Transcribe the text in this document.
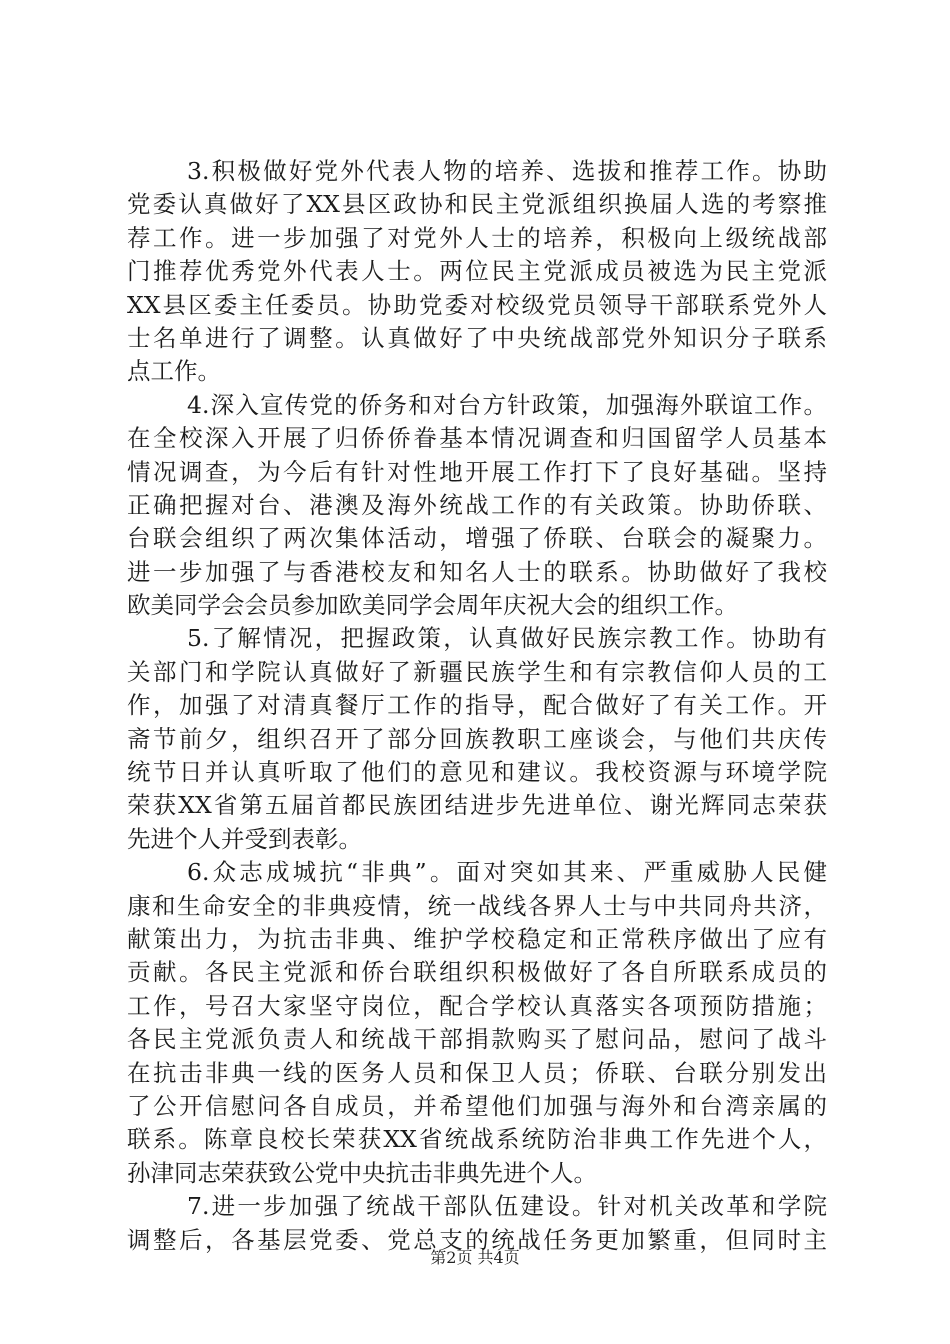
3.积极做好党外代表人物的培养、选拔和推荐工作。协助
党委认真做好了XX县区政协和民主党派组织换届人选的考察推
荐工作。进一步加强了对党外人士的培养，积极向上级统战部
门推荐优秀党外代表人士。两位民主党派成员被选为民主党派
XX县区委主任委员。协助党委对校级党员领导干部联系党外人
士名单进行了调整。认真做好了中央统战部党外知识分子联系
点工作。
4.深入宣传党的侨务和对台方针政策，加强海外联谊工作。
在全校深入开展了归侨侨眷基本情况调查和归国留学人员基本
情况调查，为今后有针对性地开展工作打下了良好基础。坚持
正确把握对台、港澳及海外统战工作的有关政策。协助侨联、
台联会组织了两次集体活动，增强了侨联、台联会的凝聚力。
进一步加强了与香港校友和知名人士的联系。协助做好了我校
欧美同学会会员参加欧美同学会周年庆祝大会的组织工作。
5.了解情况，把握政策，认真做好民族宗教工作。协助有
关部门和学院认真做好了新疆民族学生和有宗教信仰人员的工
作，加强了对清真餐厅工作的指导，配合做好了有关工作。开
斋节前夕，组织召开了部分回族教职工座谈会，与他们共庆传
统节日并认真听取了他们的意见和建议。我校资源与环境学院
荣获XX省第五届首都民族团结进步先进单位、谢光辉同志荣获
先进个人并受到表彰。
6.众志成城抗“非典”。面对突如其来、严重威胁人民健
康和生命安全的非典疫情，统一战线各界人士与中共同舟共济，
献策出力，为抗击非典、维护学校稳定和正常秩序做出了应有
贡献。各民主党派和侨台联组织积极做好了各自所联系成员的
工作，号召大家坚守岗位，配合学校认真落实各项预防措施；
各民主党派负责人和统战干部捐款购买了慰问品，慰问了战斗
在抗击非典一线的医务人员和保卫人员；侨联、台联分别发出
了公开信慰问各自成员，并希望他们加强与海外和台湾亲属的
联系。陈章良校长荣获XX省统战系统防治非典工作先进个人，
孙津同志荣获致公党中央抗击非典先进个人。
7.进一步加强了统战干部队伍建设。针对机关改革和学院
调整后，各基层党委、党总支的统战任务更加繁重，但同时主
第2页 共4页
